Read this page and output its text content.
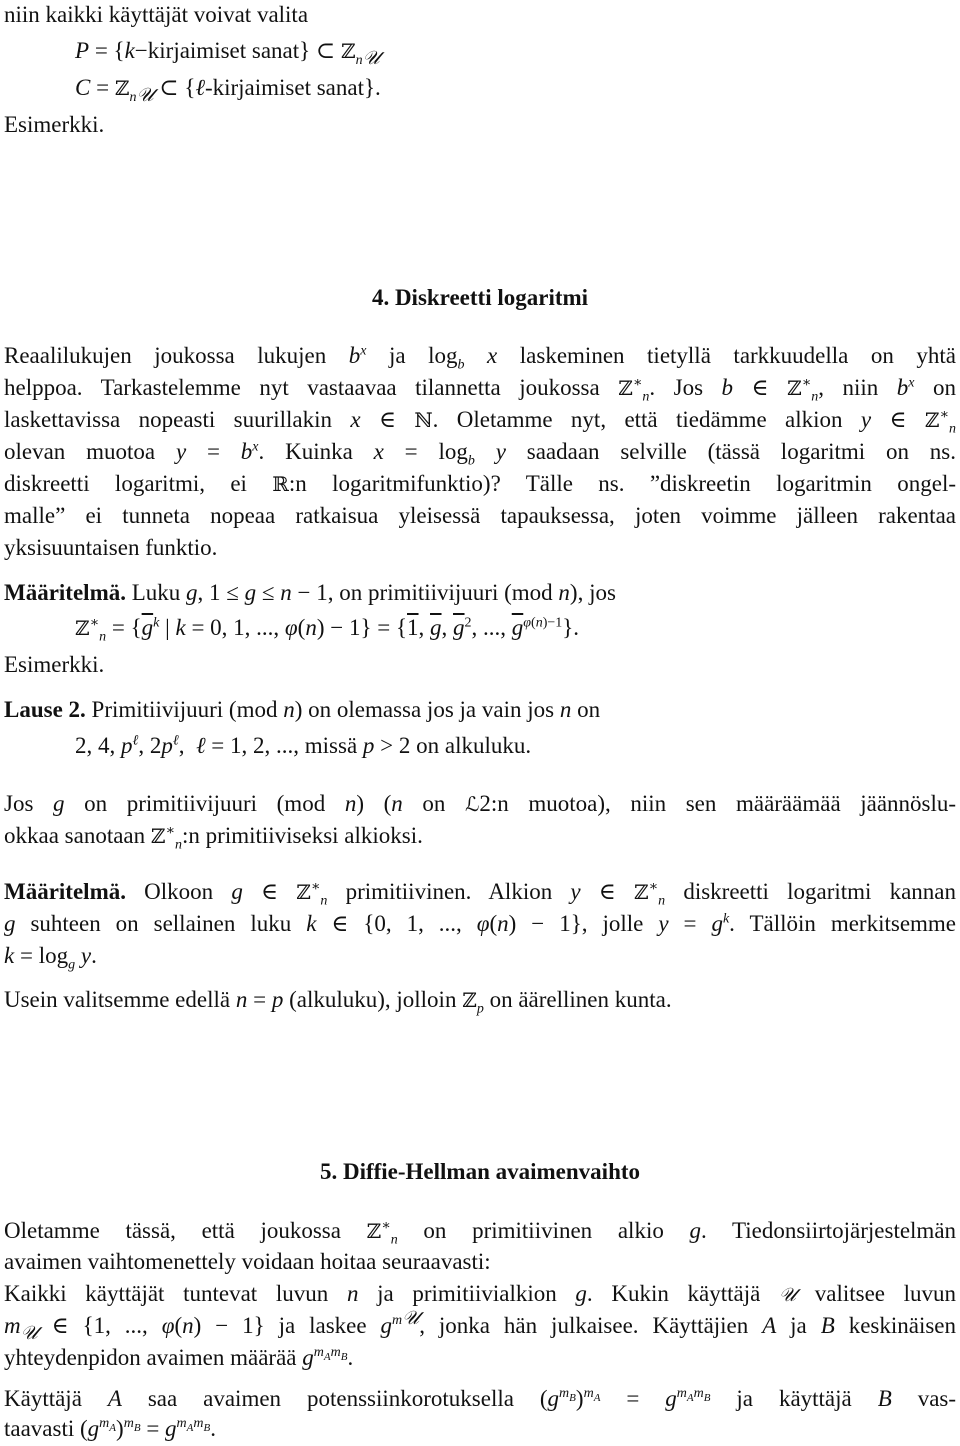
niin kaikki käyttäjät voivat valita
P = {k−kirjaimiset sanat} ⊂ ℤ$_{n𝒰}$
C = ℤ$_{n𝒰}$ ⊂ {ℓ-kirjaimiset sanat}.
Esimerkki.
4. Diskreetti logaritmi
Reaalilukujen joukossa lukujen $b^x$ ja $\log_b x$ laskeminen tietyllä tarkkuudella on yhtä
helppoa. Tarkastelemme nyt vastaavaa tilannetta joukossa ℤ∗$_n$. Jos b ∈ ℤ∗$_n$, niin $b^x$ on
laskettavissa nopeasti suurillakin x ∈ ℕ. Oletamme nyt, että tiedämme alkion y ∈ ℤ∗$_n$
olevan muotoa $y = b^x$. Kuinka $x = \log_b y$ saadaan selville (tässä logaritmi on ns.
diskreetti logaritmi, ei ℝ:n logaritmifunktio)? Tälle ns. ”diskreetin logaritmin ongel-
malle” ei tunneta nopeaa ratkaisua yleisessä tapauksessa, joten voimme jälleen rakentaa
yksisuuntaisen funktio.
Määritelmä. Luku g, 1 ≤ g ≤ n − 1, on primitiivijuuri (mod n), jos
ℤ∗$_n$ = {$\overline{g}^k$ | k = 0, 1, ..., φ(n) − 1} = {1, $\overline{g}$, $\overline{g}^2$, ..., $\overline{g}^{\varphi(n)-1}$}.
Esimerkki.
Lause 2. Primitiivijuuri (mod n) on olemassa jos ja vain jos n on
2, 4, $p^\ell$, $2p^\ell$,  ℓ = 1, 2, ..., missä p > 2 on alkuluku.
Jos g on primitiivijuuri (mod n) (n on ℒ2:n muotoa), niin sen määräämää jäännöslu-
okkaa sanotaan ℤ∗$_n$:n primitiiviseksi alkioksi.
Määritelmä. Olkoon g ∈ ℤ∗$_n$ primitiivinen. Alkion y ∈ ℤ∗$_n$ diskreetti logaritmi kannan
g suhteen on sellainen luku k ∈ {0, 1, ..., φ(n) − 1}, jolle $y = g^k$. Tällöin merkitsemme
$k = \log_g y$.
Usein valitsemme edellä n = p (alkuluku), jolloin ℤ$_p$ on äärellinen kunta.
5. Diffie-Hellman avaimenvaihto
Oletamme tässä, että joukossa ℤ∗$_n$ on primitiivinen alkio g. Tiedonsiirtojärjestelmän
avaimen vaihtomenettely voidaan hoitaa seuraavasti:
Kaikki käyttäjät tuntevat luvun n ja primitiivialkion g. Kukin käyttäjä 𝒰 valitsee luvun
$m_𝒰$ ∈ {1, ..., φ(n) − 1} ja laskee $g^{m𝒰}$, jonka hän julkaisee. Käyttäjien A ja B keskinäisen
yhteydenpidon avaimen määrää $g^{m_Am_B}$.
Käyttäjä A saa avaimen potenssiinkorotuksella $(g^{m_B})^{m_A} = g^{m_Am_B}$ ja käyttäjä B vas-
taavasti $(g^{m_A})^{m_B} = g^{m_Am_B}$.
